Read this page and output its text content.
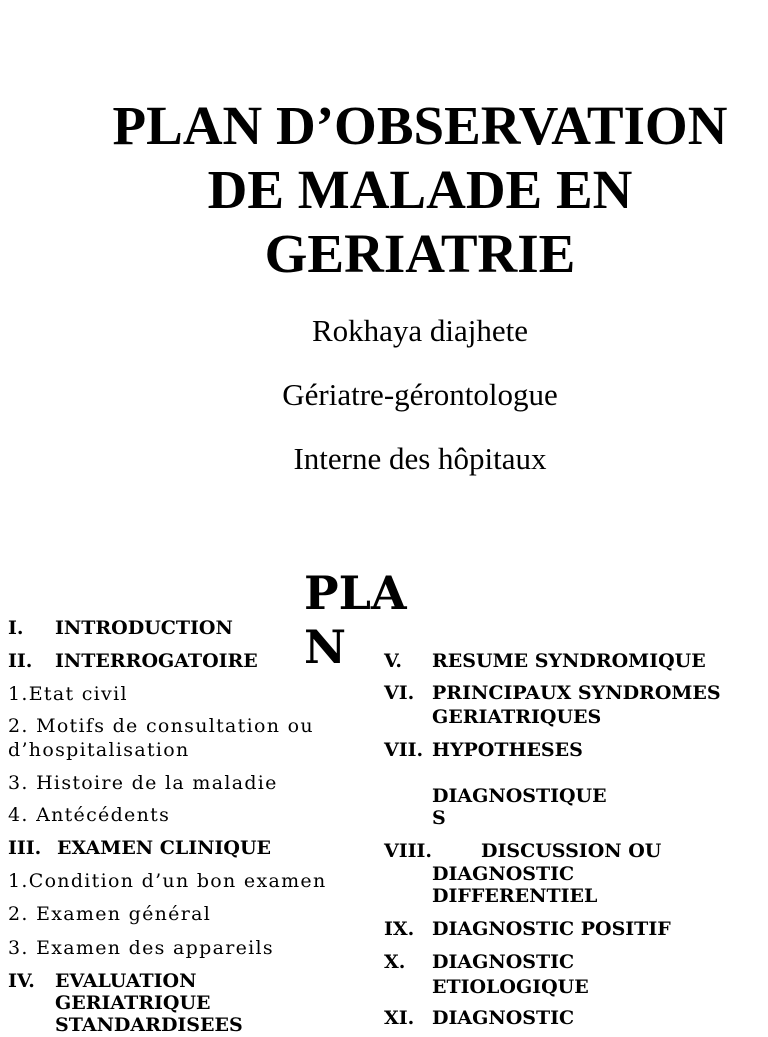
PLAN D’OBSERVATION DE MALADE EN GERIATRIE
Rokhaya diajhete
Gériatre-gérontologue
Interne des hôpitaux
PLAN
I. INTRODUCTION
II. INTERROGATOIRE
1.Etat civil
2. Motifs de consultation ou
d’hospitalisation
3. Histoire de la maladie
4. Antécédents
III. EXAMEN CLINIQUE
1.Condition d’un bon examen
2. Examen général
3. Examen des appareils
IV. EVALUATION
GERIATRIQUE
STANDARDISEES
V. RESUME SYNDROMIQUE
VI. PRINCIPAUX SYNDROMES
GERIATRIQUES
VII. HYPOTHESES
DIAGNOSTIQUE
S
VIII.	DISCUSSION OU
DIAGNOSTIC
DIFFERENTIEL
IX. DIAGNOSTIC POSITIF
X. DIAGNOSTIC
ETIOLOGIQUE
XI. DIAGNOSTIC
